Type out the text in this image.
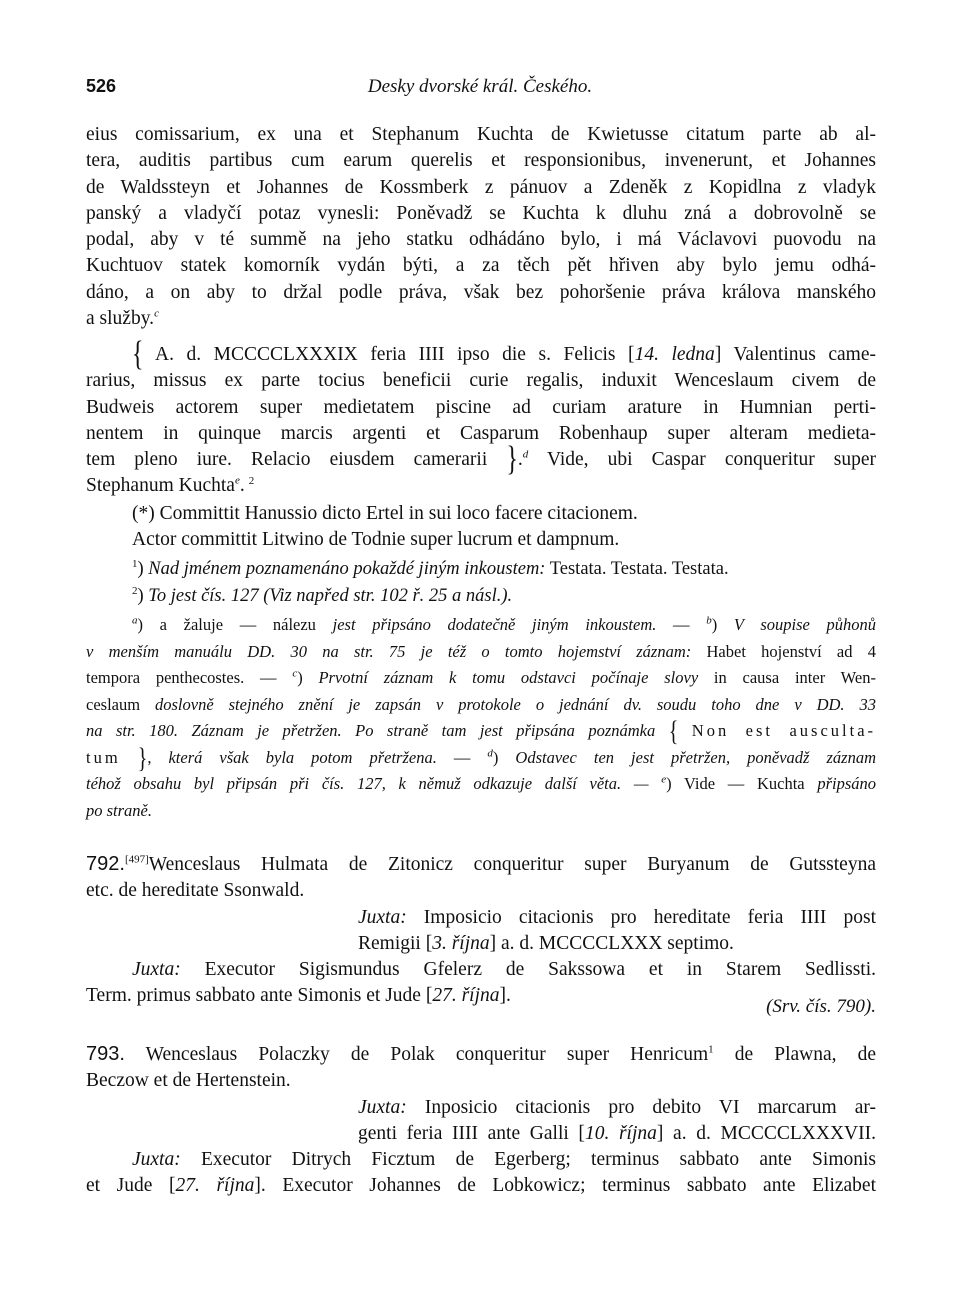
526	Desky dvorské král. Českého.

eius comissarium, ex una et Stephanum Kuchta de Kwietusse citatum parte ab al-
tera, auditis partibus cum earum querelis et responsionibus, invenerunt, et Johannes
de Waldssteyn et Johannes de Kossmberk z pánuov a Zdeněk z Kopidlna z vladyk
panský a vladyčí potaz vynesli: Poněvadž se Kuchta k dluhu zná a dobrovolně se
podal, aby v té summě na jeho statku odhádáno bylo, i má Václavovi puovodu na
Kuchtuov statek komorník vydán býti, a za těch pět hřiven aby bylo jemu odhá-
dáno, a on aby to držal podle práva, však bez pohoršenie práva králova manského
a služby.$^c$

{ A. d. MCCCCLXXXIX feria IIII ipso die s. Felicis [14. ledna] Valentinus came-
rarius, missus ex parte tocius beneficii curie regalis, induxit Wenceslaum civem de
Budweis actorem super medietatem piscine ad curiam arature in Humnian perti-
nentem in quinque marcis argenti et Casparum Robenhaup super alteram medieta-
tem pleno iure. Relacio eiusdem camerarii }.$^d$ Vide, ubi Caspar conqueritur super
Stephanum Kuchta$^e$. $^2$

(*) Committit Hanussio dicto Ertel in sui loco facere citacionem.
Actor committit Litwino de Todnie super lucrum et dampnum.

$^1$) Nad jménem poznamenáno pokaždé jiným inkoustem: Testata. Testata. Testata.
$^2$) To jest čís. 127 (Viz napřed str. 102 ř. 25 a násl.).

$^a$) a žaluje — nálezu jest připsáno dodatečně jiným inkoustem. — $^b$) V soupise půhonů
v menším manuálu DD. 30 na str. 75 je též o tomto hojemství záznam: Habet hojenství ad 4
tempora penthecostes. — $^c$) Prvotní záznam k tomu odstavci počínaje slovy in causa inter Wen-
ceslaum doslovně stejného znění je zapsán v protokole o jednání dv. soudu toho dne v DD. 33
na str. 180. Záznam je přetržen. Po straně tam jest připsána poznámka { Non est ausculta-
tum }, která však byla potom přetržena. — $^d$) Odstavec ten jest přetržen, poněvadž záznam
téhož obsahu byl připsán při čís. 127, k němuž odkazuje další věta. — $^e$) Vide — Kuchta připsáno
po straně.

792.[497]Wenceslaus Hulmata de Zitonicz conqueritur super Buryanum de Gutssteyna
etc. de hereditate Ssonwald.

Juxta: Imposicio citacionis pro hereditate feria IIII post
Remigii [3. října] a. d. MCCCCLXXX septimo.

Juxta: Executor Sigismundus Gfelerz de Sakssowa et in Starem Sedlissti.
Term. primus sabbato ante Simonis et Jude [27. října].

(Srv. čís. 790).

793. Wenceslaus Polaczky de Polak conqueritur super Henricum$^1$ de Plawna, de
Beczow et de Hertenstein.

Juxta: Inposicio citacionis pro debito VI marcarum ar-
genti feria IIII ante Galli [10. října] a. d. MCCCCLXXXVII.

Juxta: Executor Ditrych Ficztum de Egerberg; terminus sabbato ante Simonis
et Jude [27. října]. Executor Johannes de Lobkowicz; terminus sabbato ante Elizabet
